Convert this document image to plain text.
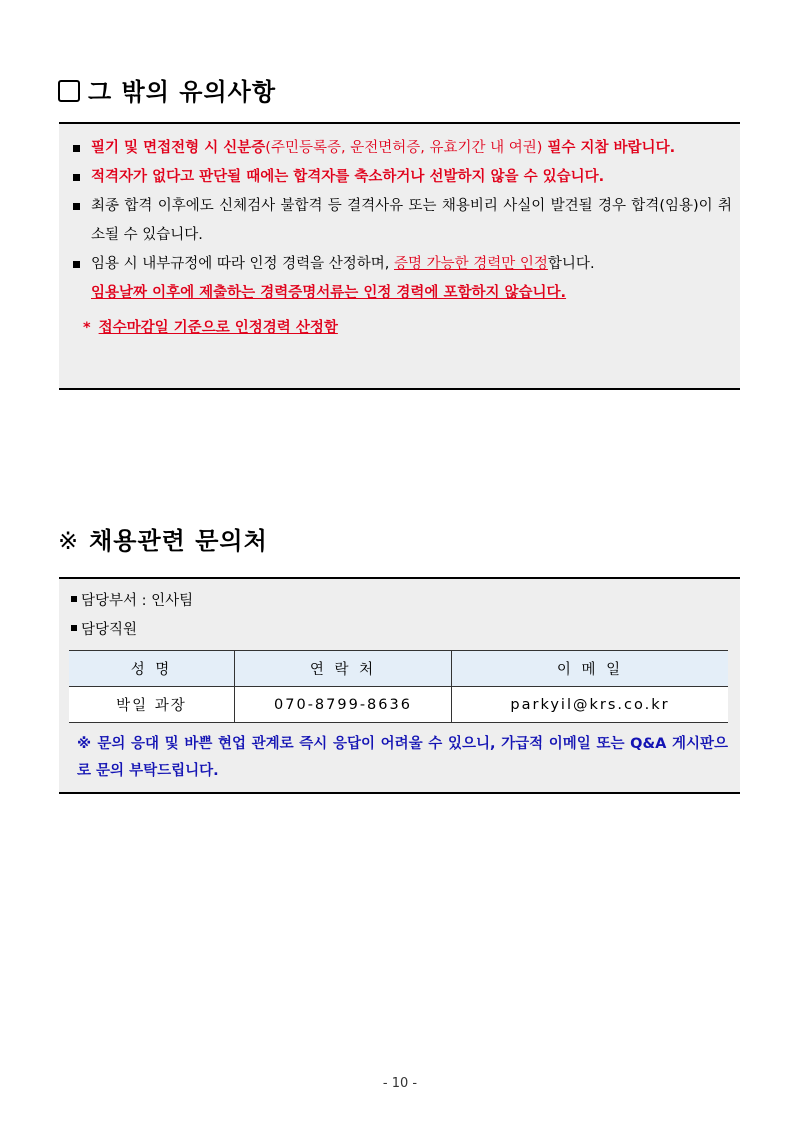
그 밖의 유의사항
필기 및 면접전형 시 신분증(주민등록증, 운전면허증, 유효기간 내 여권) 필수 지참 바랍니다.
적격자가 없다고 판단될 때에는 합격자를 축소하거나 선발하지 않을 수 있습니다.
최종 합격 이후에도 신체검사 불합격 등 결격사유 또는 채용비리 사실이 발견될 경우 합격(임용)이 취소될 수 있습니다.
임용 시 내부규정에 따라 인정 경력을 산정하며, 증명 가능한 경력만 인정합니다.
임용날짜 이후에 제출하는 경력증명서류는 인정 경력에 포함하지 않습니다.
* 접수마감일 기준으로 인정경력 산정함
※ 채용관련 문의처
담당부서 : 인사팀
담당직원
성 명	연 락 처	이 메 일
박일 과장	070-8799-8636	parkyil@krs.co.kr
※ 문의 응대 및 바쁜 현업 관계로 즉시 응답이 어려울 수 있으니, 가급적 이메일 또는 Q&A 게시판으로 문의 부탁드립니다.
- 10 -
